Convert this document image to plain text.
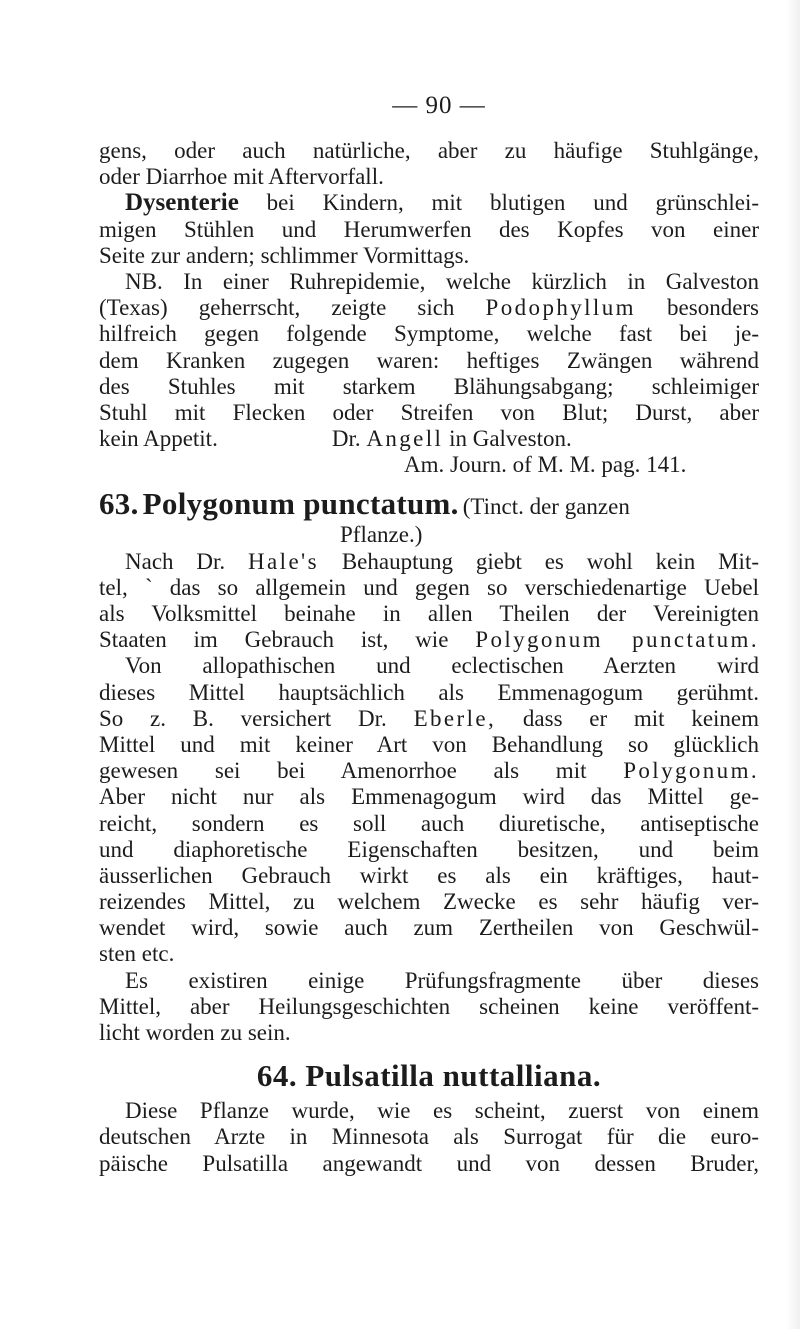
— 90 —
gens, oder auch natürliche, aber zu häufige Stuhlgänge,
oder Diarrhoe mit Aftervorfall.
Dysenterie bei Kindern, mit blutigen und grünschlei-
migen Stühlen und Herumwerfen des Kopfes von einer
Seite zur andern; schlimmer Vormittags.
NB. In einer Ruhrepidemie, welche kürzlich in Galveston
(Texas) geherrscht, zeigte sich Podophyllum besonders
hilfreich gegen folgende Symptome, welche fast bei je-
dem Kranken zugegen waren: heftiges Zwängen während
des Stuhles mit starkem Blähungsabgang; schleimiger
Stuhl mit Flecken oder Streifen von Blut; Durst, aber
kein Appetit.	Dr. Angell in Galveston.
Am. Journ. of M. M. pag. 141.
63. Polygonum punctatum. (Tinct. der ganzen
Pflanze.)
Nach Dr. Hale's Behauptung giebt es wohl kein Mit-
tel, ` das so allgemein und gegen so verschiedenartige Uebel
als Volksmittel beinahe in allen Theilen der Vereinigten
Staaten im Gebrauch ist, wie Polygonum punctatum.
Von allopathischen und eclectischen Aerzten wird
dieses Mittel hauptsächlich als Emmenagogum gerühmt.
So z. B. versichert Dr. Eberle, dass er mit keinem
Mittel und mit keiner Art von Behandlung so glücklich
gewesen sei bei Amenorrhoe als mit Polygonum.
Aber nicht nur als Emmenagogum wird das Mittel ge-
reicht, sondern es soll auch diuretische, antiseptische
und diaphoretische Eigenschaften besitzen, und beim
äusserlichen Gebrauch wirkt es als ein kräftiges, haut-
reizendes Mittel, zu welchem Zwecke es sehr häufig ver-
wendet wird, sowie auch zum Zertheilen von Geschwül-
sten etc.
Es existiren einige Prüfungsfragmente über dieses
Mittel, aber Heilungsgeschichten scheinen keine veröffent-
licht worden zu sein.
64. Pulsatilla nuttalliana.
Diese Pflanze wurde, wie es scheint, zuerst von einem
deutschen Arzte in Minnesota als Surrogat für die euro-
päische Pulsatilla angewandt und von dessen Bruder,
